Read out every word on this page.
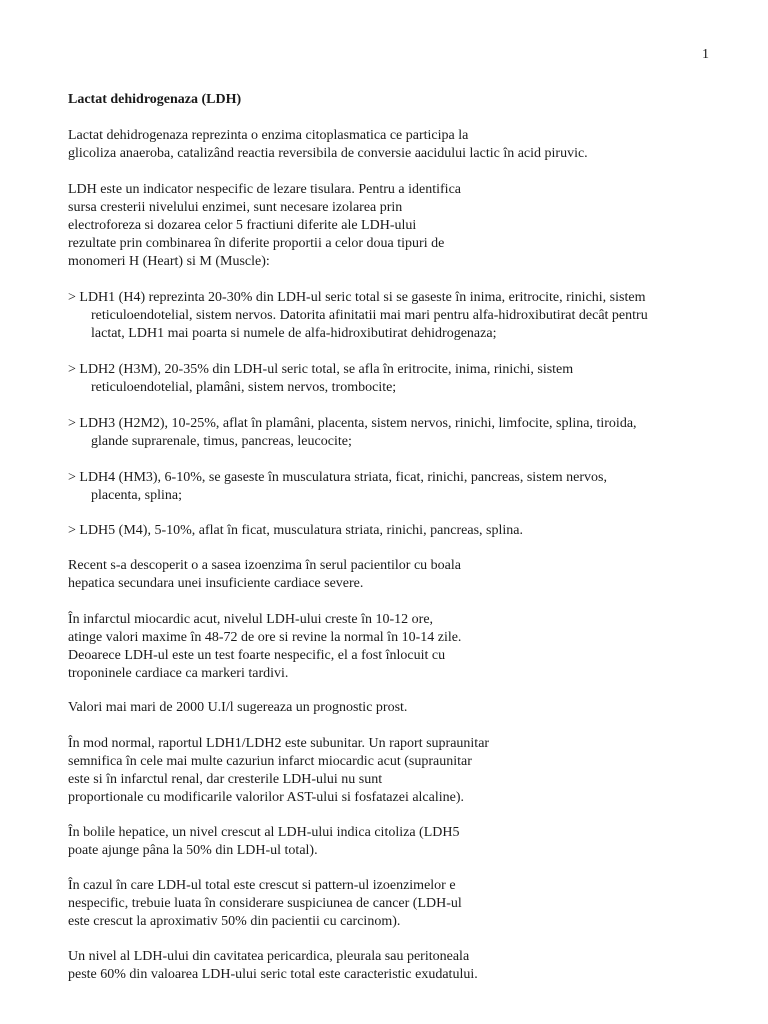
1
Lactat dehidrogenaza (LDH)
Lactat dehidrogenaza reprezinta o enzima citoplasmatica ce participa la
glicoliza anaeroba, catalizând reactia reversibila de conversie aacidului lactic în acid piruvic.
LDH este un indicator nespecific de lezare tisulara. Pentru a identifica
sursa cresterii nivelului enzimei, sunt necesare izolarea prin
electroforeza si dozarea celor 5 fractiuni diferite ale LDH-ului
rezultate prin combinarea în diferite proportii a celor doua tipuri de
monomeri H (Heart) si M (Muscle):
> LDH1 (H4) reprezinta 20-30% din LDH-ul seric total si se gaseste în inima, eritrocite, rinichi, sistem
reticuloendotelial, sistem nervos. Datorita afinitatii mai mari pentru alfa-hidroxibutirat decât pentru
lactat, LDH1 mai poarta si numele de alfa-hidroxibutirat dehidrogenaza;
> LDH2 (H3M), 20-35% din LDH-ul seric total, se afla în eritrocite, inima, rinichi, sistem
reticuloendotelial, plamâni, sistem nervos, trombocite;
> LDH3 (H2M2), 10-25%, aflat în plamâni, placenta, sistem nervos, rinichi, limfocite, splina, tiroida,
glande suprarenale, timus, pancreas, leucocite;
> LDH4 (HM3), 6-10%, se gaseste în musculatura striata, ficat, rinichi, pancreas, sistem nervos,
placenta, splina;
> LDH5 (M4), 5-10%, aflat în ficat, musculatura striata, rinichi, pancreas, splina.
Recent s-a descoperit o a sasea izoenzima în serul pacientilor cu boala
hepatica secundara unei insuficiente cardiace severe.
În infarctul miocardic acut, nivelul LDH-ului creste în 10-12 ore,
atinge valori maxime în 48-72 de ore si revine la normal în 10-14 zile.
Deoarece LDH-ul este un test foarte nespecific, el a fost înlocuit cu
troponinele cardiace ca markeri tardivi.
Valori mai mari de 2000 U.I/l sugereaza un prognostic prost.
În mod normal, raportul LDH1/LDH2 este subunitar. Un raport supraunitar
semnifica în cele mai multe cazuriun infarct miocardic acut (supraunitar
este si în infarctul renal, dar cresterile LDH-ului nu sunt
proportionale cu modificarile valorilor AST-ului si fosfatazei alcaline).
În bolile hepatice, un nivel crescut al LDH-ului indica citoliza (LDH5
poate ajunge pâna la 50% din LDH-ul total).
În cazul în care LDH-ul total este crescut si pattern-ul izoenzimelor e
nespecific, trebuie luata în considerare suspiciunea de cancer (LDH-ul
este crescut la aproximativ 50% din pacientii cu carcinom).
Un nivel al LDH-ului din cavitatea pericardica, pleurala sau peritoneala
peste 60% din valoarea LDH-ului seric total este caracteristic exudatului.
